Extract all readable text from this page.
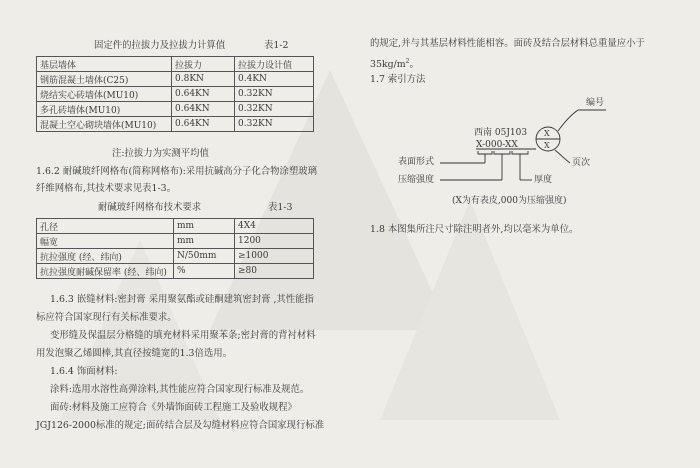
固定件的拉拔力及拉拔力计算值	表1-2
基层墙体	拉拔力	拉拔力设计值
钢筋混凝土墙体(C25)	0.8KN	0.4KN
烧结实心砖墙体(MU10)	0.64KN	0.32KN
多孔砖墙体(MU10)	0.64KN	0.32KN
混凝土空心砌块墙体(MU10)	0.64KN	0.32KN
注:拉拔力为实测平均值
1.6.2 耐碱玻纤网格布(简称网格布):采用抗碱高分子化合物涂塑玻璃
纤维网格布,其技术要求见表1-3。
耐碱玻纤网格布技术要求	表1-3
孔径	mm	4X4
幅宽	mm	1200
抗拉强度 (经、纬向)	N/50mm	≥1000
抗拉强度耐碱保留率 (经、纬向)	%	≥80
1.6.3 嵌缝材料:密封膏 采用聚氨酯或硅酮建筑密封膏 ,其性能指
标应符合国家现行有关标准要求。
变形缝及保温层分格缝的填充材料采用聚苯条;密封膏的背衬材料
用发泡聚乙烯圆棒,其直径按缝宽的1.3倍选用。
1.6.4 饰面材料:
涂料:选用水溶性高弹涂料,其性能应符合国家现行标准及规范。
面砖:材料及施工应符合《外墙饰面砖工程施工及验收规程》
JGJ126-2000标准的规定;面砖结合层及勾缝材料应符合国家现行标准
的规定,并与其基层材料性能相容。面砖及结合层材料总重量应小于
$35kg/m^2$。
1.7 索引方法
编号
西南 05J103
X-000-XX
X
X
表面形式
压缩强度	厚度
页次
(X为有表皮,000为压缩强度)
1.8 本图集所注尺寸除注明者外,均以毫米为单位。
